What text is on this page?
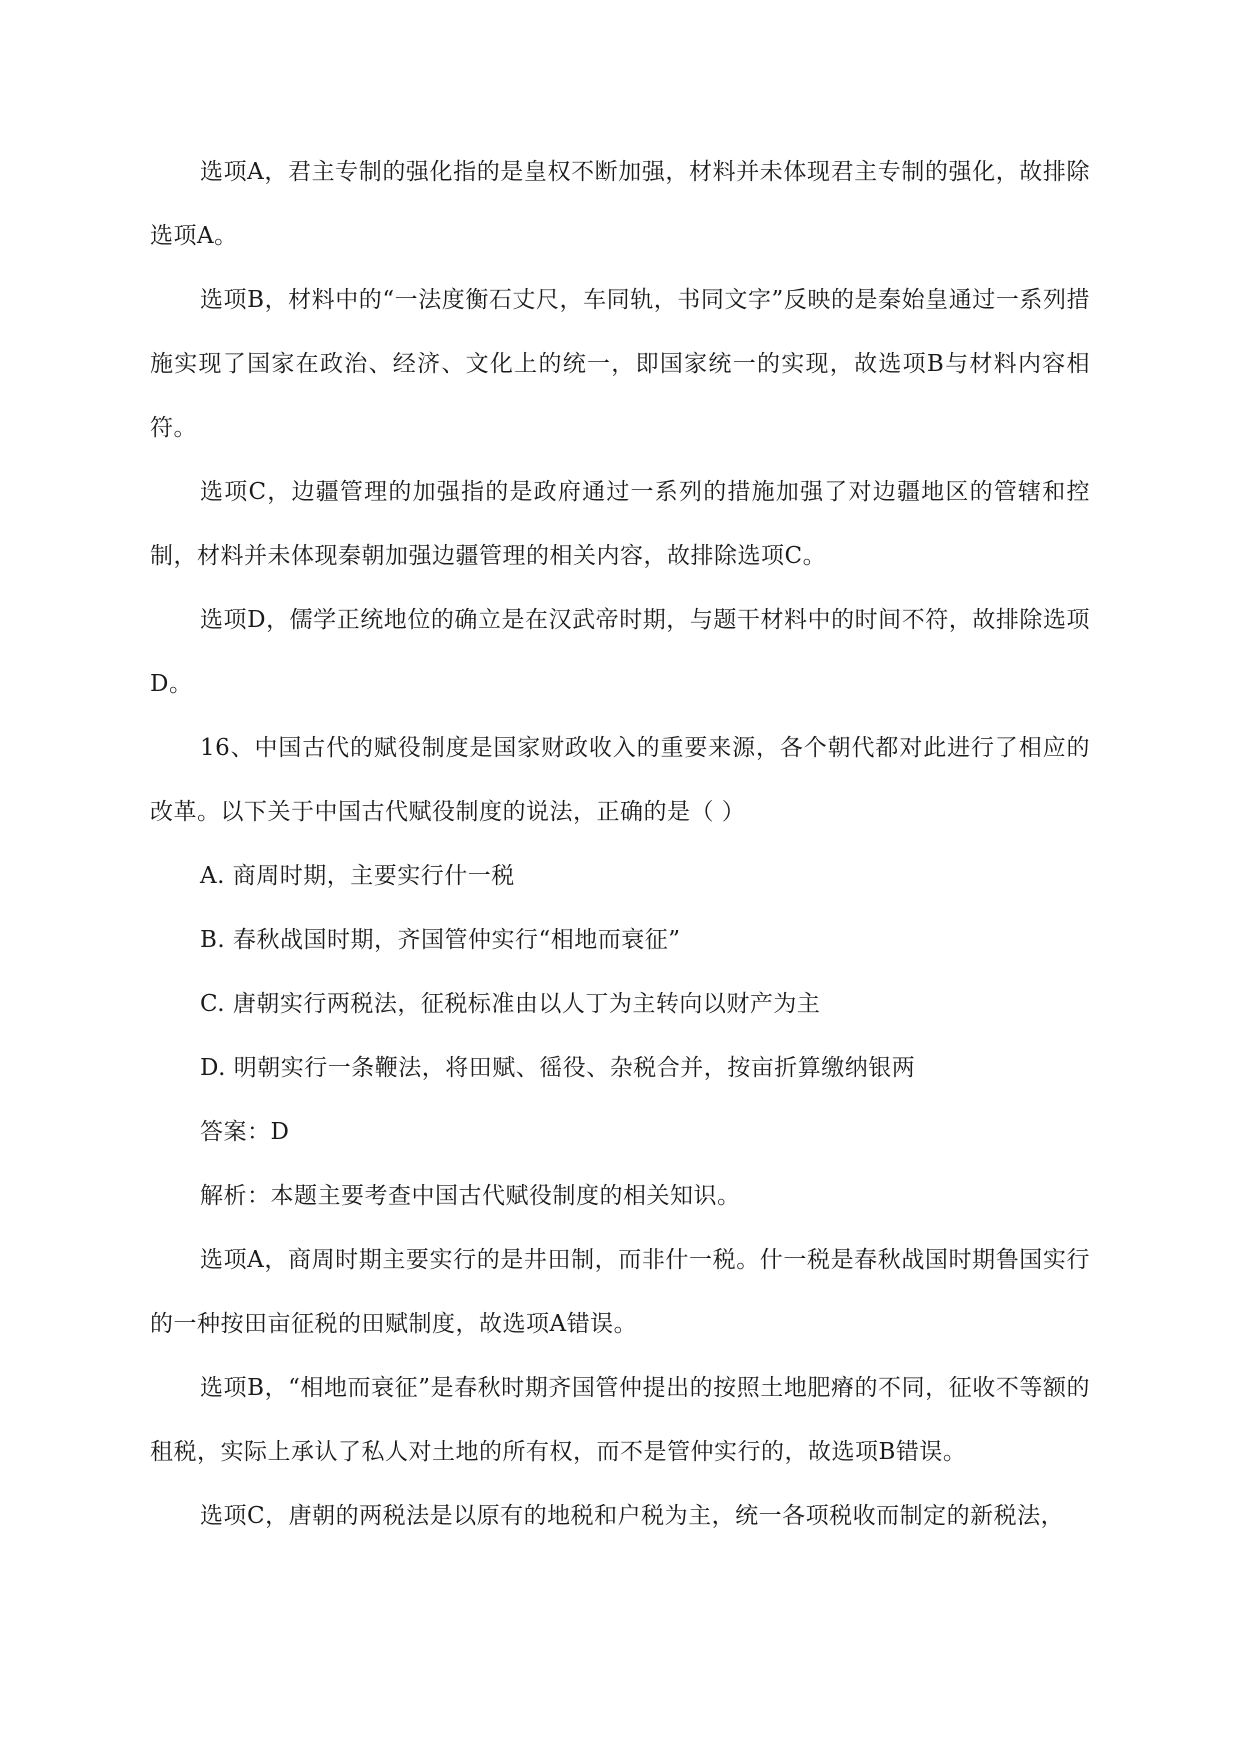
选项A，君主专制的强化指的是皇权不断加强，材料并未体现君主专制的强化，故排除选项A。

选项B，材料中的“一法度衡石丈尺，车同轨，书同文字”反映的是秦始皇通过一系列措施实现了国家在政治、经济、文化上的统一，即国家统一的实现，故选项B与材料内容相符。

选项C，边疆管理的加强指的是政府通过一系列的措施加强了对边疆地区的管辖和控制，材料并未体现秦朝加强边疆管理的相关内容，故排除选项C。

选项D，儒学正统地位的确立是在汉武帝时期，与题干材料中的时间不符，故排除选项D。

16、中国古代的赋役制度是国家财政收入的重要来源，各个朝代都对此进行了相应的改革。以下关于中国古代赋役制度的说法，正确的是（ ）

A. 商周时期，主要实行什一税

B. 春秋战国时期，齐国管仲实行“相地而衰征”

C. 唐朝实行两税法，征税标准由以人丁为主转向以财产为主

D. 明朝实行一条鞭法，将田赋、徭役、杂税合并，按亩折算缴纳银两

答案：D

解析：本题主要考查中国古代赋役制度的相关知识。

选项A，商周时期主要实行的是井田制，而非什一税。什一税是春秋战国时期鲁国实行的一种按田亩征税的田赋制度，故选项A错误。

选项B，“相地而衰征”是春秋时期齐国管仲提出的按照土地肥瘠的不同，征收不等额的租税，实际上承认了私人对土地的所有权，而不是管仲实行的，故选项B错误。

选项C，唐朝的两税法是以原有的地税和户税为主，统一各项税收而制定的新税法，
